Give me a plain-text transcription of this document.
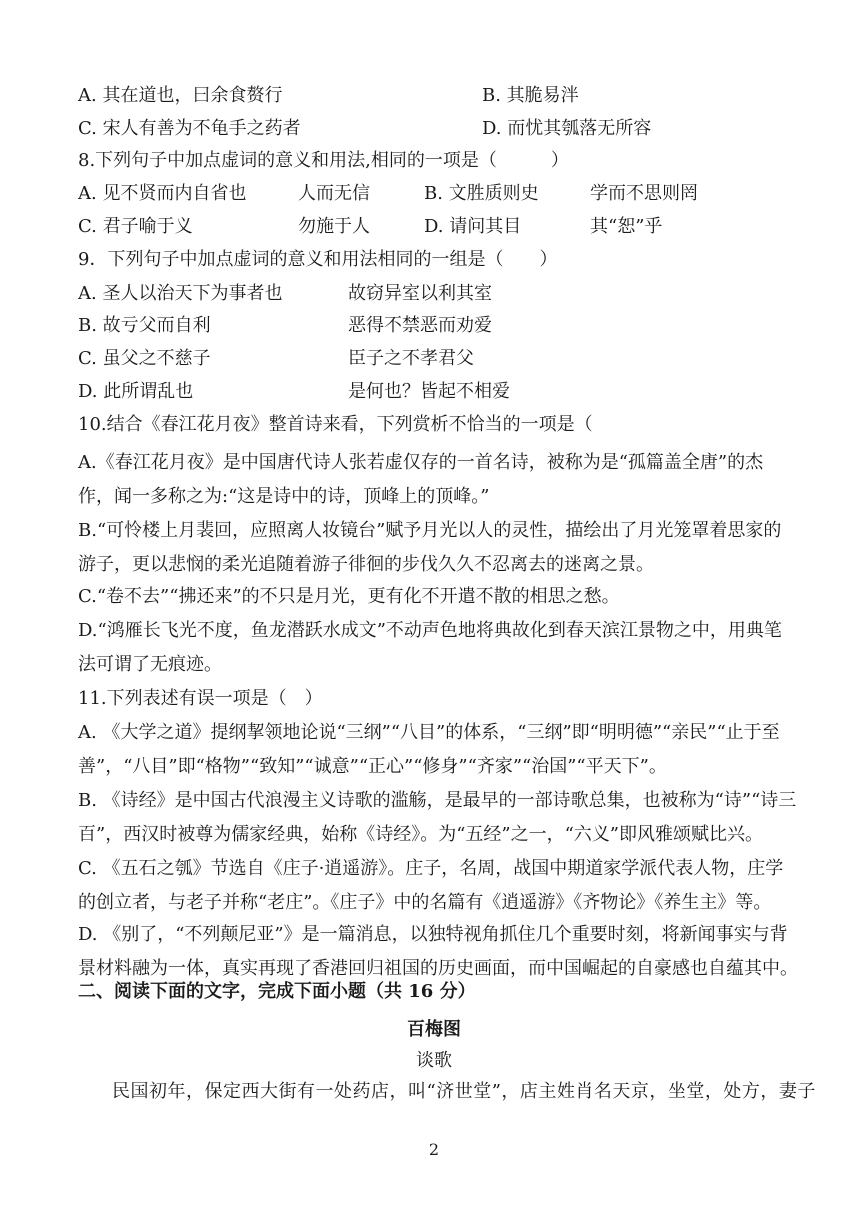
A. 其在道也，曰余食赘行	B. 其脆易泮
C. 宋人有善为不龟手之药者	D. 而忧其瓠落无所容
8.下列句子中加点虚词的意义和用法,相同的一项是（　　　）
A. 见不贤而内自省也	人而无信	B. 文胜质则史	学而不思则罔
C. 君子喻于义	勿施于人	D. 请问其目	其“恕”乎
9．下列句子中加点虚词的意义和用法相同的一组是（　　）
A. 圣人以治天下为事者也	故窃异室以利其室
B. 故亏父而自利	恶得不禁恶而劝爱
C. 虽父之不慈子	臣子之不孝君父
D. 此所谓乱也	是何也？皆起不相爱
10.结合《春江花月夜》整首诗来看，下列赏析不恰当的一项是（
A.《春江花月夜》是中国唐代诗人张若虚仅存的一首名诗，被称为是“孤篇盖全唐”的杰作，闻一多称之为:“这是诗中的诗，顶峰上的顶峰。”
B.“可怜楼上月裴回，应照离人妆镜台”赋予月光以人的灵性，描绘出了月光笼罩着思家的游子，更以悲悯的柔光追随着游子徘徊的步伐久久不忍离去的迷离之景。
C.“卷不去”“拂还来”的不只是月光，更有化不开遣不散的相思之愁。
D.“鸿雁长飞光不度，鱼龙潜跃水成文”不动声色地将典故化到春天滨江景物之中，用典笔法可谓了无痕迹。
11.下列表述有误一项是（　）
A. 《大学之道》提纲挈领地论说“三纲”“八目”的体系，“三纲”即“明明德”“亲民”“止于至善”，“八目”即“格物”“致知”“诚意”“正心”“修身”“齐家”“治国”“平天下”。
B. 《诗经》是中国古代浪漫主义诗歌的滥觞，是最早的一部诗歌总集，也被称为“诗”“诗三百”，西汉时被尊为儒家经典，始称《诗经》。为“五经”之一，“六义”即风雅颂赋比兴。
C. 《五石之瓠》节选自《庄子·逍遥游》。庄子，名周，战国中期道家学派代表人物，庄学的创立者，与老子并称“老庄”。《庄子》中的名篇有《逍遥游》《齐物论》《养生主》等。
D. 《别了，“不列颠尼亚”》是一篇消息，以独特视角抓住几个重要时刻，将新闻事实与背景材料融为一体，真实再现了香港回归祖国的历史画面，而中国崛起的自豪感也自蕴其中。
二、阅读下面的文字，完成下面小题（共 16 分）
百梅图
谈歌
民国初年，保定西大街有一处药店，叫“济世堂”，店主姓肖名天京，坐堂，处方，妻子
2
